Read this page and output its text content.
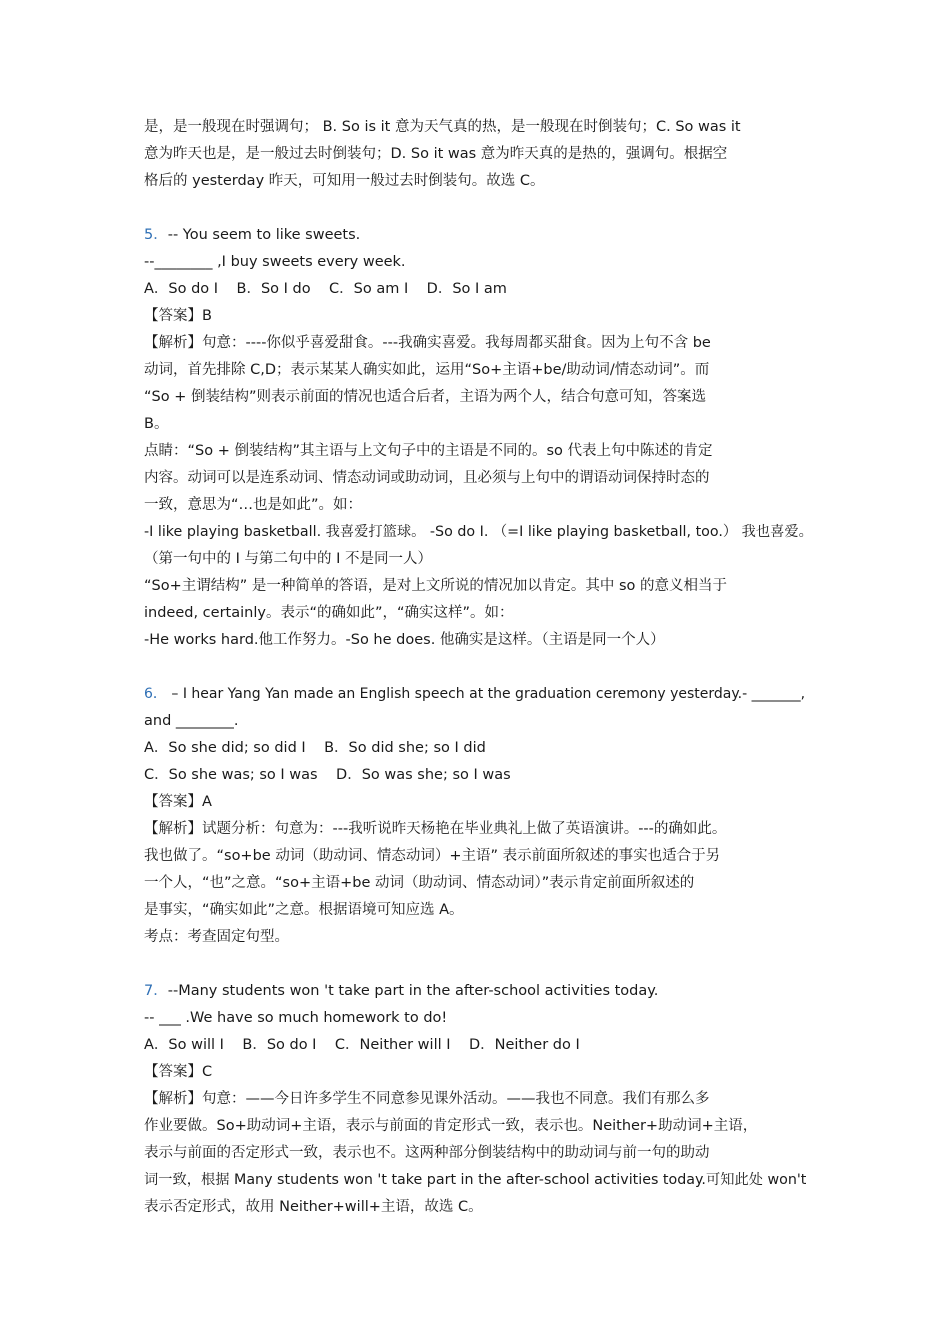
是，是一般现在时强调句； B. So is it 意为天气真的热，是一般现在时倒装句；C. So was it
意为昨天也是，是一般过去时倒装句；D. So it was 意为昨天真的是热的，强调句。根据空
格后的 yesterday 昨天，可知用一般过去时倒装句。故选 C。
5．-- You seem to like sweets.
--________ ,I buy sweets every week.
A．So do I    B．So I do    C．So am I    D．So I am
【答案】B
【解析】句意：----你似乎喜爱甜食。---我确实喜爱。我每周都买甜食。因为上句不含 be
动词，首先排除 C,D；表示某某人确实如此，运用“So+主语+be/助动词/情态动词”。而
“So + 倒装结构”则表示前面的情况也适合后者，主语为两个人，结合句意可知，答案选
B。
点睛：“So + 倒装结构”其主语与上文句子中的主语是不同的。so 代表上句中陈述的肯定
内容。动词可以是连系动词、情态动词或助动词，且必须与上句中的谓语动词保持时态的
一致，意思为“…也是如此”。如：
-I like playing basketball. 我喜爱打篮球。 -So do I. （=I like playing basketball, too.） 我也喜爱。
（第一句中的 I 与第二句中的 I 不是同一人）
“So+主谓结构” 是一种简单的答语，是对上文所说的情况加以肯定。其中 so 的意义相当于
indeed, certainly。表示“的确如此”，“确实这样”。如：
-He works hard.他工作努力。-So he does. 他确实是这样。（主语是同一个人）
6． – I hear Yang Yan made an English speech at the graduation ceremony yesterday.- _______,
and ________.
A．So she did; so did I    B．So did she; so I did
C．So she was; so I was    D．So was she; so I was
【答案】A
【解析】试题分析：句意为：---我听说昨天杨艳在毕业典礼上做了英语演讲。---的确如此。
我也做了。“so+be 动词（助动词、情态动词）+主语” 表示前面所叙述的事实也适合于另
一个人，“也”之意。“so+主语+be 动词（助动词、情态动词）”表示肯定前面所叙述的
是事实，“确实如此”之意。根据语境可知应选 A。
考点：考查固定句型。
7．--Many students won 't take part in the after-school activities today.
-- ___ .We have so much homework to do!
A．So will I    B．So do I    C．Neither will I    D．Neither do I
【答案】C
【解析】句意：——今日许多学生不同意参见课外活动。——我也不同意。我们有那么多
作业要做。So+助动词+主语，表示与前面的肯定形式一致，表示也。Neither+助动词+主语，
表示与前面的否定形式一致，表示也不。这两种部分倒装结构中的助动词与前一句的助动
词一致，根据 Many students won 't take part in the after-school activities today.可知此处 won't
表示否定形式，故用 Neither+will+主语，故选 C。
